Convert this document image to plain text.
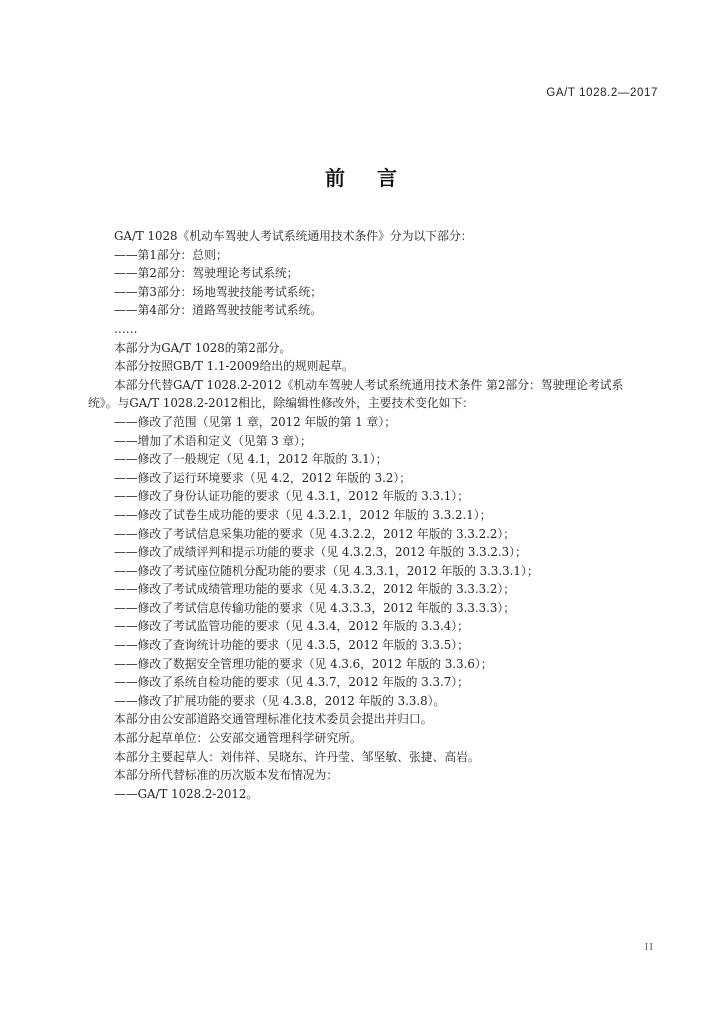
GA/T 1028.2—2017
前 言
GA/T 1028《机动车驾驶人考试系统通用技术条件》分为以下部分：
——第1部分：总则；
——第2部分：驾驶理论考试系统；
——第3部分：场地驾驶技能考试系统；
——第4部分：道路驾驶技能考试系统。
……
本部分为GA/T 1028的第2部分。
本部分按照GB/T 1.1-2009给出的规则起草。
本部分代替GA/T 1028.2-2012《机动车驾驶人考试系统通用技术条件 第2部分：驾驶理论考试系
统》。与GA/T 1028.2-2012相比，除编辑性修改外，主要技术变化如下：
——修改了范围（见第 1 章，2012 年版的第 1 章）；
——增加了术语和定义（见第 3 章）；
——修改了一般规定（见 4.1，2012 年版的 3.1）；
——修改了运行环境要求（见 4.2，2012 年版的 3.2）；
——修改了身份认证功能的要求（见 4.3.1，2012 年版的 3.3.1）；
——修改了试卷生成功能的要求（见 4.3.2.1，2012 年版的 3.3.2.1）；
——修改了考试信息采集功能的要求（见 4.3.2.2，2012 年版的 3.3.2.2）；
——修改了成绩评判和提示功能的要求（见 4.3.2.3，2012 年版的 3.3.2.3）；
——修改了考试座位随机分配功能的要求（见 4.3.3.1，2012 年版的 3.3.3.1）；
——修改了考试成绩管理功能的要求（见 4.3.3.2，2012 年版的 3.3.3.2）；
——修改了考试信息传输功能的要求（见 4.3.3.3，2012 年版的 3.3.3.3）；
——修改了考试监管功能的要求（见 4.3.4，2012 年版的 3.3.4）；
——修改了查询统计功能的要求（见 4.3.5，2012 年版的 3.3.5）；
——修改了数据安全管理功能的要求（见 4.3.6，2012 年版的 3.3.6）；
——修改了系统自检功能的要求（见 4.3.7，2012 年版的 3.3.7）；
——修改了扩展功能的要求（见 4.3.8，2012 年版的 3.3.8）。
本部分由公安部道路交通管理标准化技术委员会提出并归口。
本部分起草单位：公安部交通管理科学研究所。
本部分主要起草人：刘伟祥、吴晓东、许丹莹、邹坚敏、张捷、高岩。
本部分所代替标准的历次版本发布情况为：
——GA/T 1028.2-2012。
II
